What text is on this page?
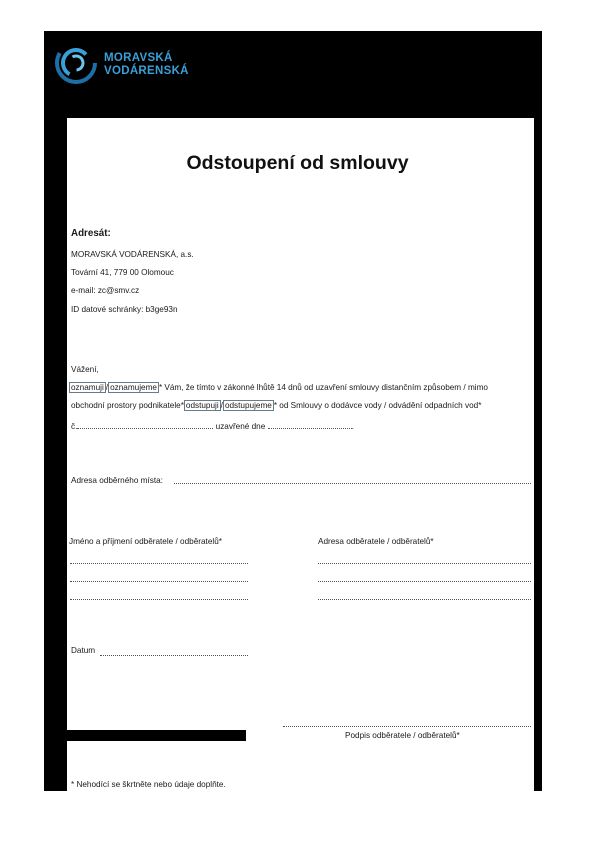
MORAVSKÁ
VODÁRENSKÁ
Odstoupení od smlouvy
Adresát:
MORAVSKÁ VODÁRENSKÁ, a.s.
Tovární 41, 779 00 Olomouc
e-mail: zc@smv.cz
ID datové schránky: b3ge93n
Vážení,
oznamuji / oznamujeme * Vám, že tímto v zákonné lhůtě 14 dnů od uzavření smlouvy distančním způsobem / mimo
obchodní prostory podnikatele* odstupuji / odstupujeme * od Smlouvy o dodávce vody / odvádění odpadních vod*
č.	uzavřené dne	.
Adresa odběrného místa:
Jméno a příjmení odběratele / odběratelů*	Adresa odběratele / odběratelů*
Datum
Podpis odběratele / odběratelů*
* Nehodící se škrtněte nebo údaje doplňte.
